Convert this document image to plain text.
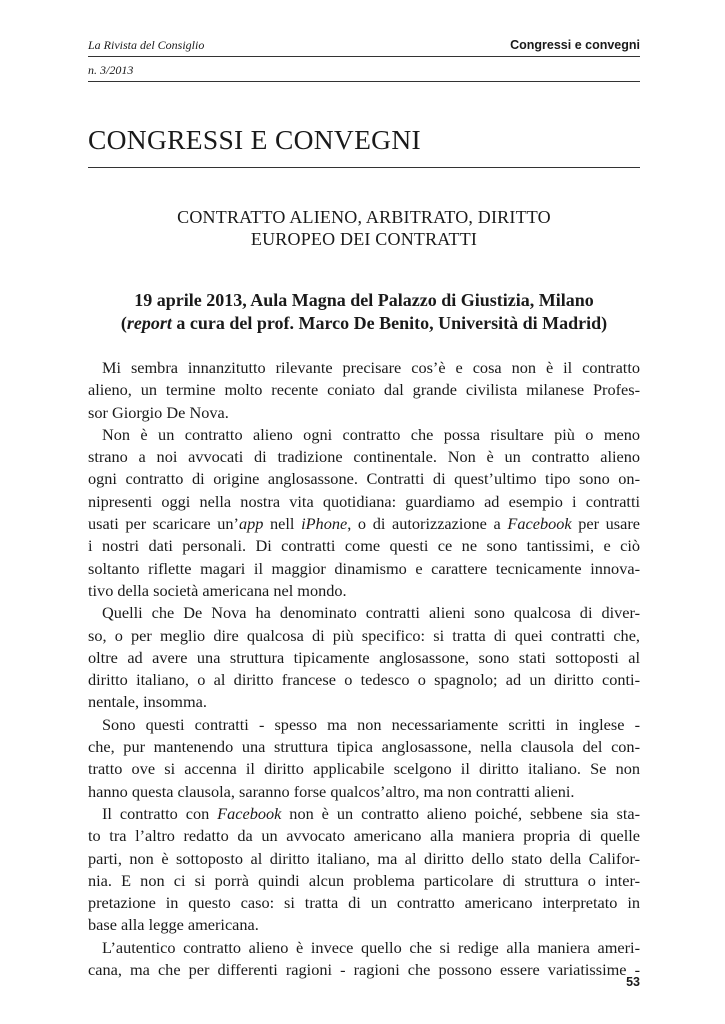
La Rivista del Consiglio	Congressi e convegni
n. 3/2013
CONGRESSI E CONVEGNI
CONTRATTO ALIENO, ARBITRATO, DIRITTO
EUROPEO DEI CONTRATTI
19 aprile 2013, Aula Magna del Palazzo di Giustizia, Milano
(report a cura del prof. Marco De Benito, Università di Madrid)
Mi sembra innanzitutto rilevante precisare cos’è e cosa non è il contratto
alieno, un termine molto recente coniato dal grande civilista milanese Profes-
sor Giorgio De Nova.
Non è un contratto alieno ogni contratto che possa risultare più o meno
strano a noi avvocati di tradizione continentale. Non è un contratto alieno
ogni contratto di origine anglosassone. Contratti di quest’ultimo tipo sono on-
nipresenti oggi nella nostra vita quotidiana: guardiamo ad esempio i contratti
usati per scaricare un’app nell iPhone, o di autorizzazione a Facebook per usare
i nostri dati personali. Di contratti come questi ce ne sono tantissimi, e ciò
soltanto riflette magari il maggior dinamismo e carattere tecnicamente innova-
tivo della società americana nel mondo.
Quelli che De Nova ha denominato contratti alieni sono qualcosa di diver-
so, o per meglio dire qualcosa di più specifico: si tratta di quei contratti che,
oltre ad avere una struttura tipicamente anglosassone, sono stati sottoposti al
diritto italiano, o al diritto francese o tedesco o spagnolo; ad un diritto conti-
nentale, insomma.
Sono questi contratti - spesso ma non necessariamente scritti in inglese -
che, pur mantenendo una struttura tipica anglosassone, nella clausola del con-
tratto ove si accenna il diritto applicabile scelgono il diritto italiano. Se non
hanno questa clausola, saranno forse qualcos’altro, ma non contratti alieni.
Il contratto con Facebook non è un contratto alieno poiché, sebbene sia sta-
to tra l’altro redatto da un avvocato americano alla maniera propria di quelle
parti, non è sottoposto al diritto italiano, ma al diritto dello stato della Califor-
nia. E non ci si porrà quindi alcun problema particolare di struttura o inter-
pretazione in questo caso: si tratta di un contratto americano interpretato in
base alla legge americana.
L’autentico contratto alieno è invece quello che si redige alla maniera ameri-
cana, ma che per differenti ragioni - ragioni che possono essere variatissime -
53
